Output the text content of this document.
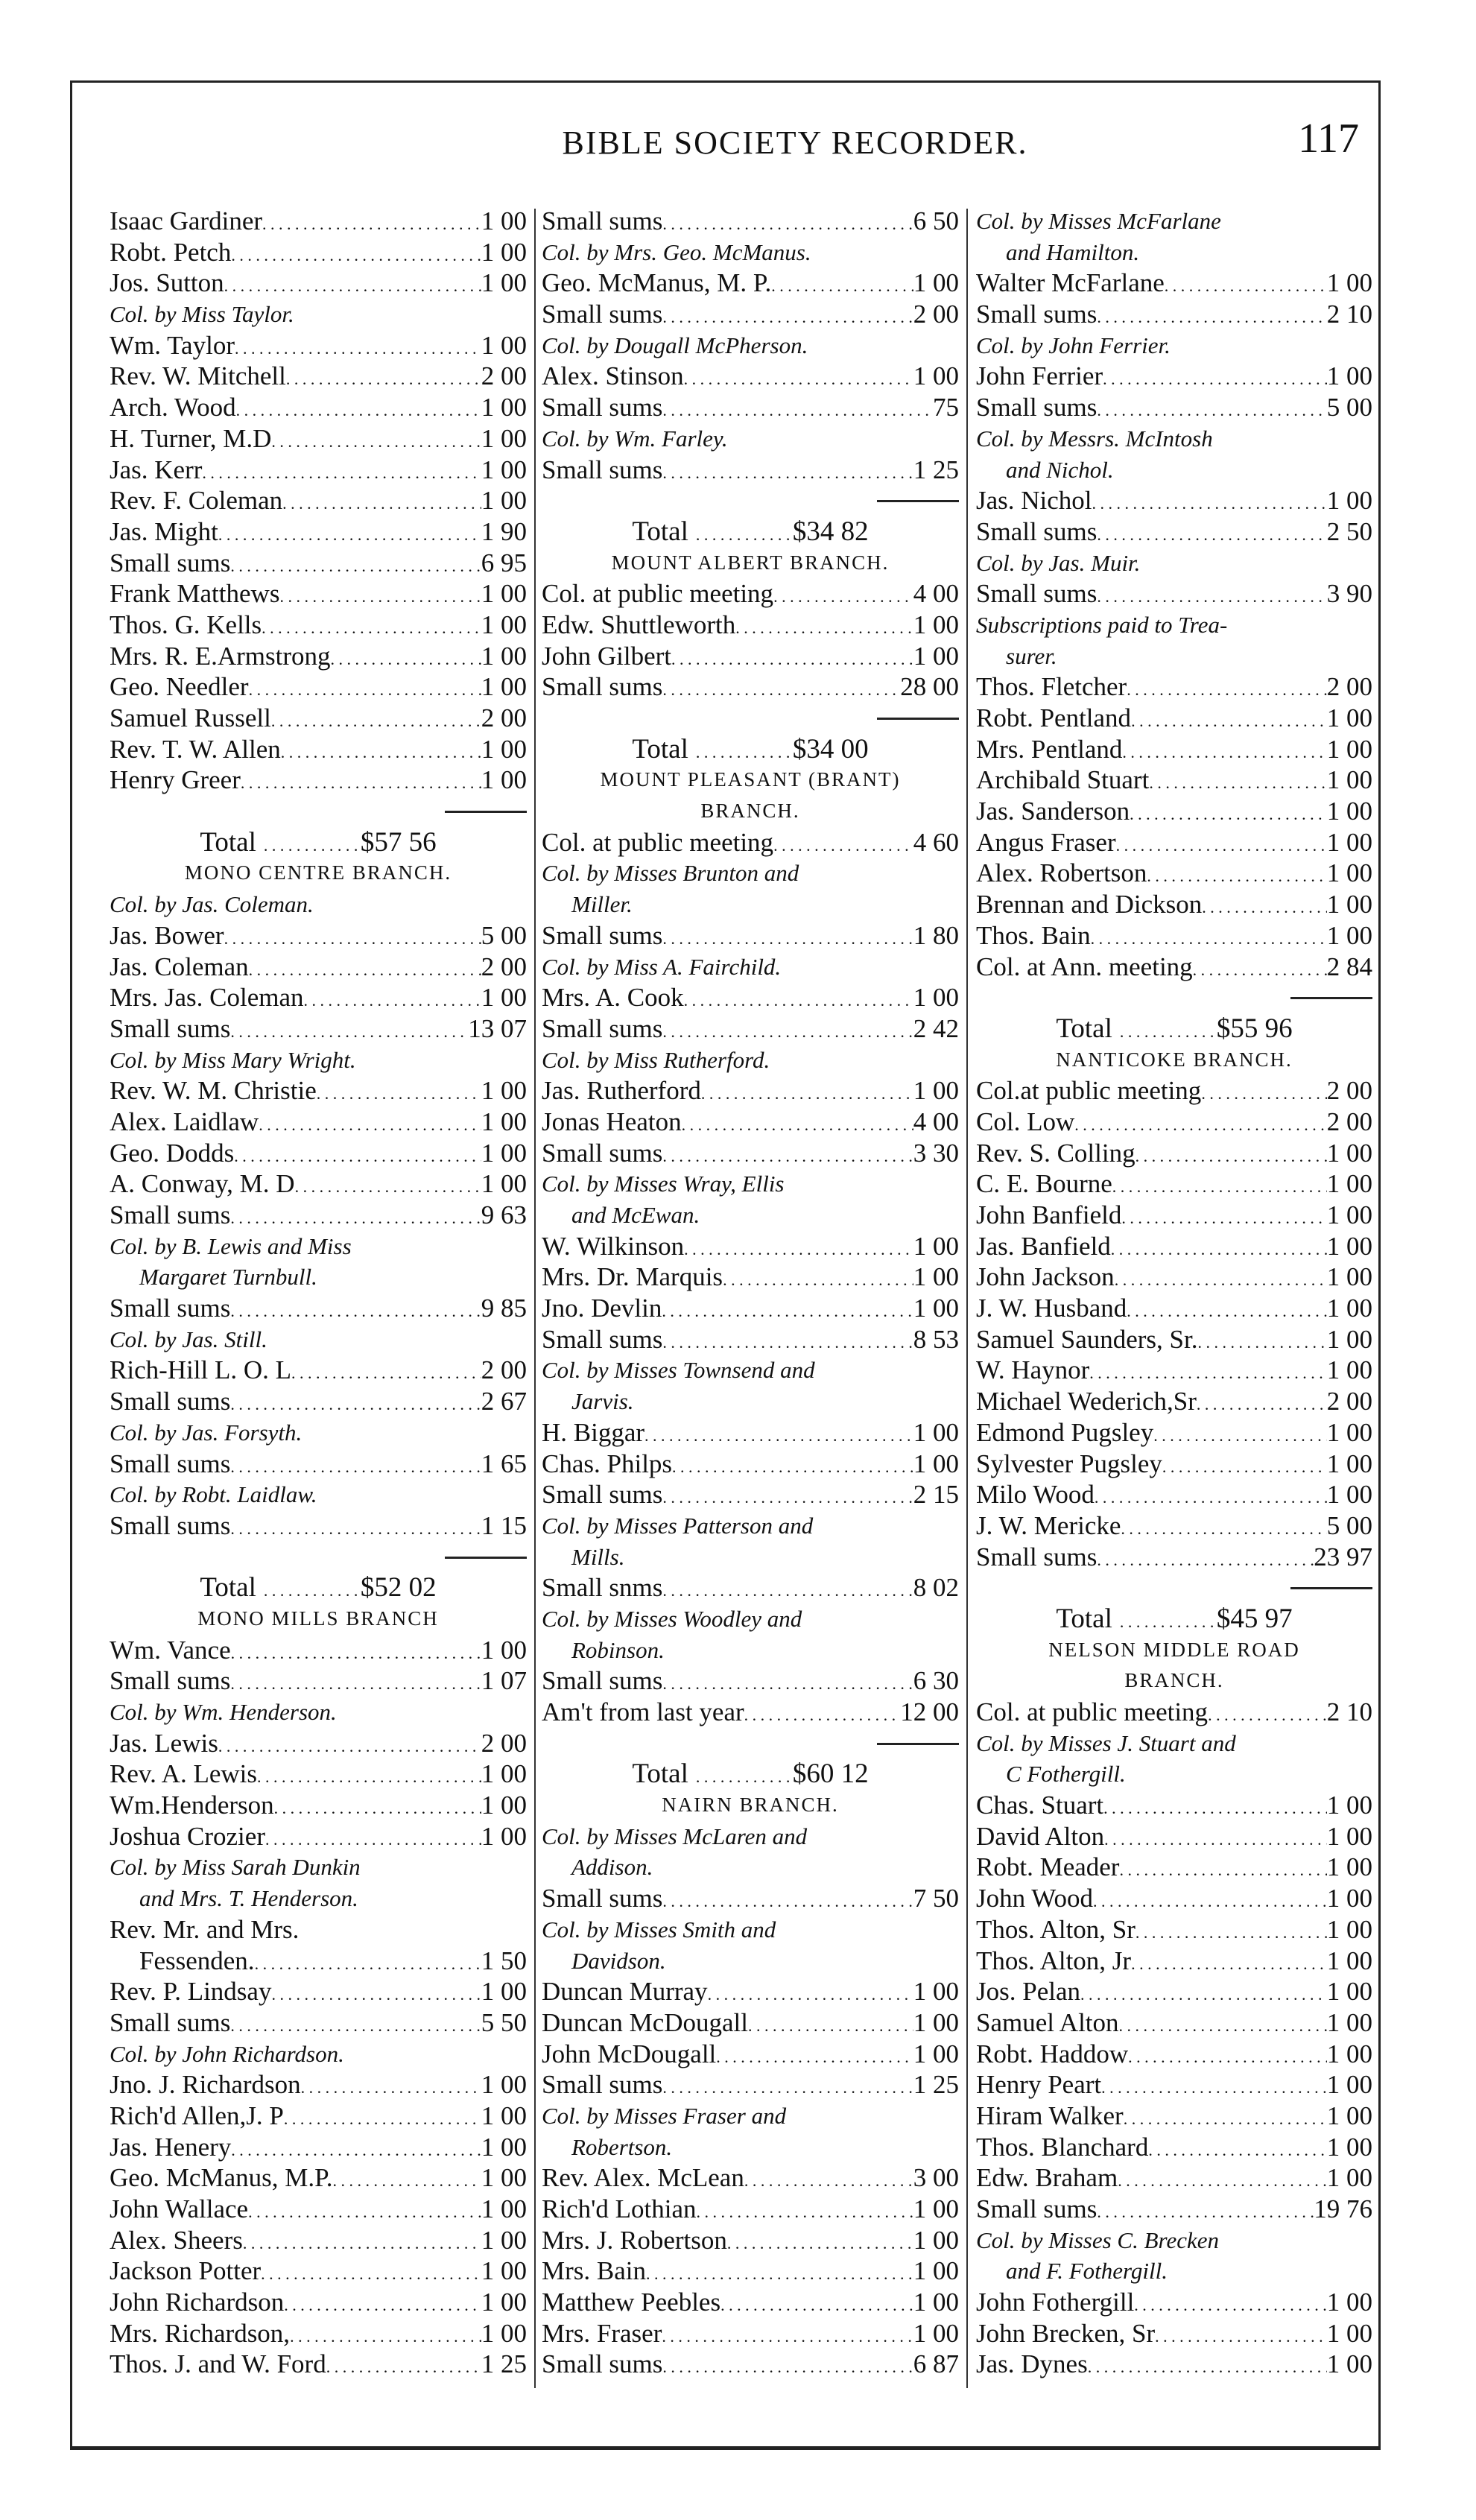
BIBLE SOCIETY RECORDER.	117
Isaac Gardiner . . .	1 00
Robt. Petch . . .	1 00
Jos. Sutton . . .	1 00
Col. by Miss Taylor.
Wm. Taylor . . .	1 00
Rev. W. Mitchell . . .	2 00
Arch. Wood . . .	1 00
H. Turner, M.D . . .	1 00
Jas. Kerr . . .	1 00
Rev. F. Coleman . . .	1 00
Jas. Might . . .	1 90
Small sums . . .	6 95
Frank Matthews . . .	1 00
Thos. G. Kells . . .	1 00
Mrs. R. E.Armstrong . . .	1 00
Geo. Needler . . .	1 00
Samuel Russell . . .	2 00
Rev. T. W. Allen . . .	1 00
Henry Greer . . .	1 00
Total . . .	$57 56
MONO CENTRE BRANCH.
Col. by Jas. Coleman.
Jas. Bower . . .	5 00
Jas. Coleman . . .	2 00
Mrs. Jas. Coleman . . .	1 00
Small sums . . .	13 07
Col. by Miss Mary Wright.
Rev. W. M. Christie . . .	1 00
Alex. Laidlaw . . .	1 00
Geo. Dodds . . .	1 00
A. Conway, M. D . . .	1 00
Small sums . . .	9 63
Col. by B. Lewis and Miss
Margaret Turnbull.
Small sums . . .	9 85
Col. by Jas. Still.
Rich-Hill L. O. L . . .	2 00
Small sums . . .	2 67
Col. by Jas. Forsyth.
Small sums . . .	1 65
Col. by Robt. Laidlaw.
Small sums . . .	1 15
Total . . .	$52 02
MONO MILLS BRANCH
Wm. Vance . . .	1 00
Small sums . . .	1 07
Col. by Wm. Henderson.
Jas. Lewis . . .	2 00
Rev. A. Lewis . . .	1 00
Wm.Henderson . . .	1 00
Joshua Crozier . . .	1 00
Col. by Miss Sarah Dunkin
and Mrs. T. Henderson.
Rev. Mr. and Mrs.
Fessenden. . . .	1 50
Rev. P. Lindsay . . .	1 00
Small sums . . .	5 50
Col. by John Richardson.
Jno. J. Richardson . . .	1 00
Rich'd Allen,J. P . . .	1 00
Jas. Henery . . .	1 00
Geo. McManus, M.P. . . .	1 00
John Wallace . . .	1 00
Alex. Sheers . . .	1 00
Jackson Potter . . .	1 00
John Richardson . . .	1 00
Mrs. Richardson, . . .	1 00
Thos. J. and W. Ford . . .	1 25
Small sums . . .	6 50
Col. by Mrs. Geo. McManus.
Geo. McManus, M. P. . . .	1 00
Small sums . . .	2 00
Col. by Dougall McPherson.
Alex. Stinson . . .	1 00
Small sums . . .	75
Col. by Wm. Farley.
Small sums . . .	1 25
Total . . .	$34 82
MOUNT ALBERT BRANCH.
Col. at public meeting . . .	4 00
Edw. Shuttleworth . . .	1 00
John Gilbert . . .	1 00
Small sums . . .	28 00
Total . . .	$34 00
MOUNT PLEASANT (BRANT)
BRANCH.
Col. at public meeting . . .	4 60
Col. by Misses Brunton and
Miller.
Small sums . . .	1 80
Col. by Miss A. Fairchild.
Mrs. A. Cook . . .	1 00
Small sums . . .	2 42
Col. by Miss Rutherford.
Jas. Rutherford . . .	1 00
Jonas Heaton . . .	4 00
Small sums . . .	3 30
Col. by Misses Wray, Ellis
and McEwan.
W. Wilkinson . . .	1 00
Mrs. Dr. Marquis . . .	1 00
Jno. Devlin . . .	1 00
Small sums . . .	8 53
Col. by Misses Townsend and
Jarvis.
H. Biggar . . .	1 00
Chas. Philps . . .	1 00
Small sums . . .	2 15
Col. by Misses Patterson and
Mills.
Small snms . . .	8 02
Col. by Misses Woodley and
Robinson.
Small sums . . .	6 30
Am't from last year . . .	12 00
Total . . .	$60 12
NAIRN BRANCH.
Col. by Misses McLaren and
Addison.
Small sums . . .	7 50
Col. by Misses Smith and
Davidson.
Duncan Murray . . .	1 00
Duncan McDougall . . .	1 00
John McDougall . . .	1 00
Small sums . . .	1 25
Col. by Misses Fraser and
Robertson.
Rev. Alex. McLean . . .	3 00
Rich'd Lothian . . .	1 00
Mrs. J. Robertson . . .	1 00
Mrs. Bain . . .	1 00
Matthew Peebles . . .	1 00
Mrs. Fraser . . .	1 00
Small sums . . .	6 87
Col. by Misses McFarlane
and Hamilton.
Walter McFarlane . . .	1 00
Small sums . . .	2 10
Col. by John Ferrier.
John Ferrier . . .	1 00
Small sums . . .	5 00
Col. by Messrs. McIntosh
and Nichol.
Jas. Nichol . . .	1 00
Small sums . . .	2 50
Col. by Jas. Muir.
Small sums . . .	3 90
Subscriptions paid to Trea-
surer.
Thos. Fletcher . . .	2 00
Robt. Pentland . . .	1 00
Mrs. Pentland . . .	1 00
Archibald Stuart . . .	1 00
Jas. Sanderson . . .	1 00
Angus Fraser . . .	1 00
Alex. Robertson . . .	1 00
Brennan and Dickson . . .	1 00
Thos. Bain . . .	1 00
Col. at Ann. meeting . . .	2 84
Total . . .	$55 96
NANTICOKE BRANCH.
Col.at public meeting . . .	2 00
Col. Low . . .	2 00
Rev. S. Colling . . .	1 00
C. E. Bourne . . .	1 00
John Banfield . . .	1 00
Jas. Banfield . . .	1 00
John Jackson . . .	1 00
J. W. Husband . . .	1 00
Samuel Saunders, Sr. . . .	1 00
W. Haynor . . .	1 00
Michael Wederich,Sr . . .	2 00
Edmond Pugsley . . .	1 00
Sylvester Pugsley . . .	1 00
Milo Wood . . .	1 00
J. W. Mericke . . .	5 00
Small sums . . .	23 97
Total . . .	$45 97
NELSON MIDDLE ROAD
BRANCH.
Col. at public meeting . . .	2 10
Col. by Misses J. Stuart and
C Fothergill.
Chas. Stuart . . .	1 00
David Alton . . .	1 00
Robt. Meader . . .	1 00
John Wood . . .	1 00
Thos. Alton, Sr . . .	1 00
Thos. Alton, Jr . . .	1 00
Jos. Pelan . . .	1 00
Samuel Alton . . .	1 00
Robt. Haddow . . .	1 00
Henry Peart . . .	1 00
Hiram Walker . . .	1 00
Thos. Blanchard . . .	1 00
Edw. Braham . . .	1 00
Small sums . . .	19 76
Col. by Misses C. Brecken
and F. Fothergill.
John Fothergill . . .	1 00
John Brecken, Sr . . .	1 00
Jas. Dynes . . .	1 00
